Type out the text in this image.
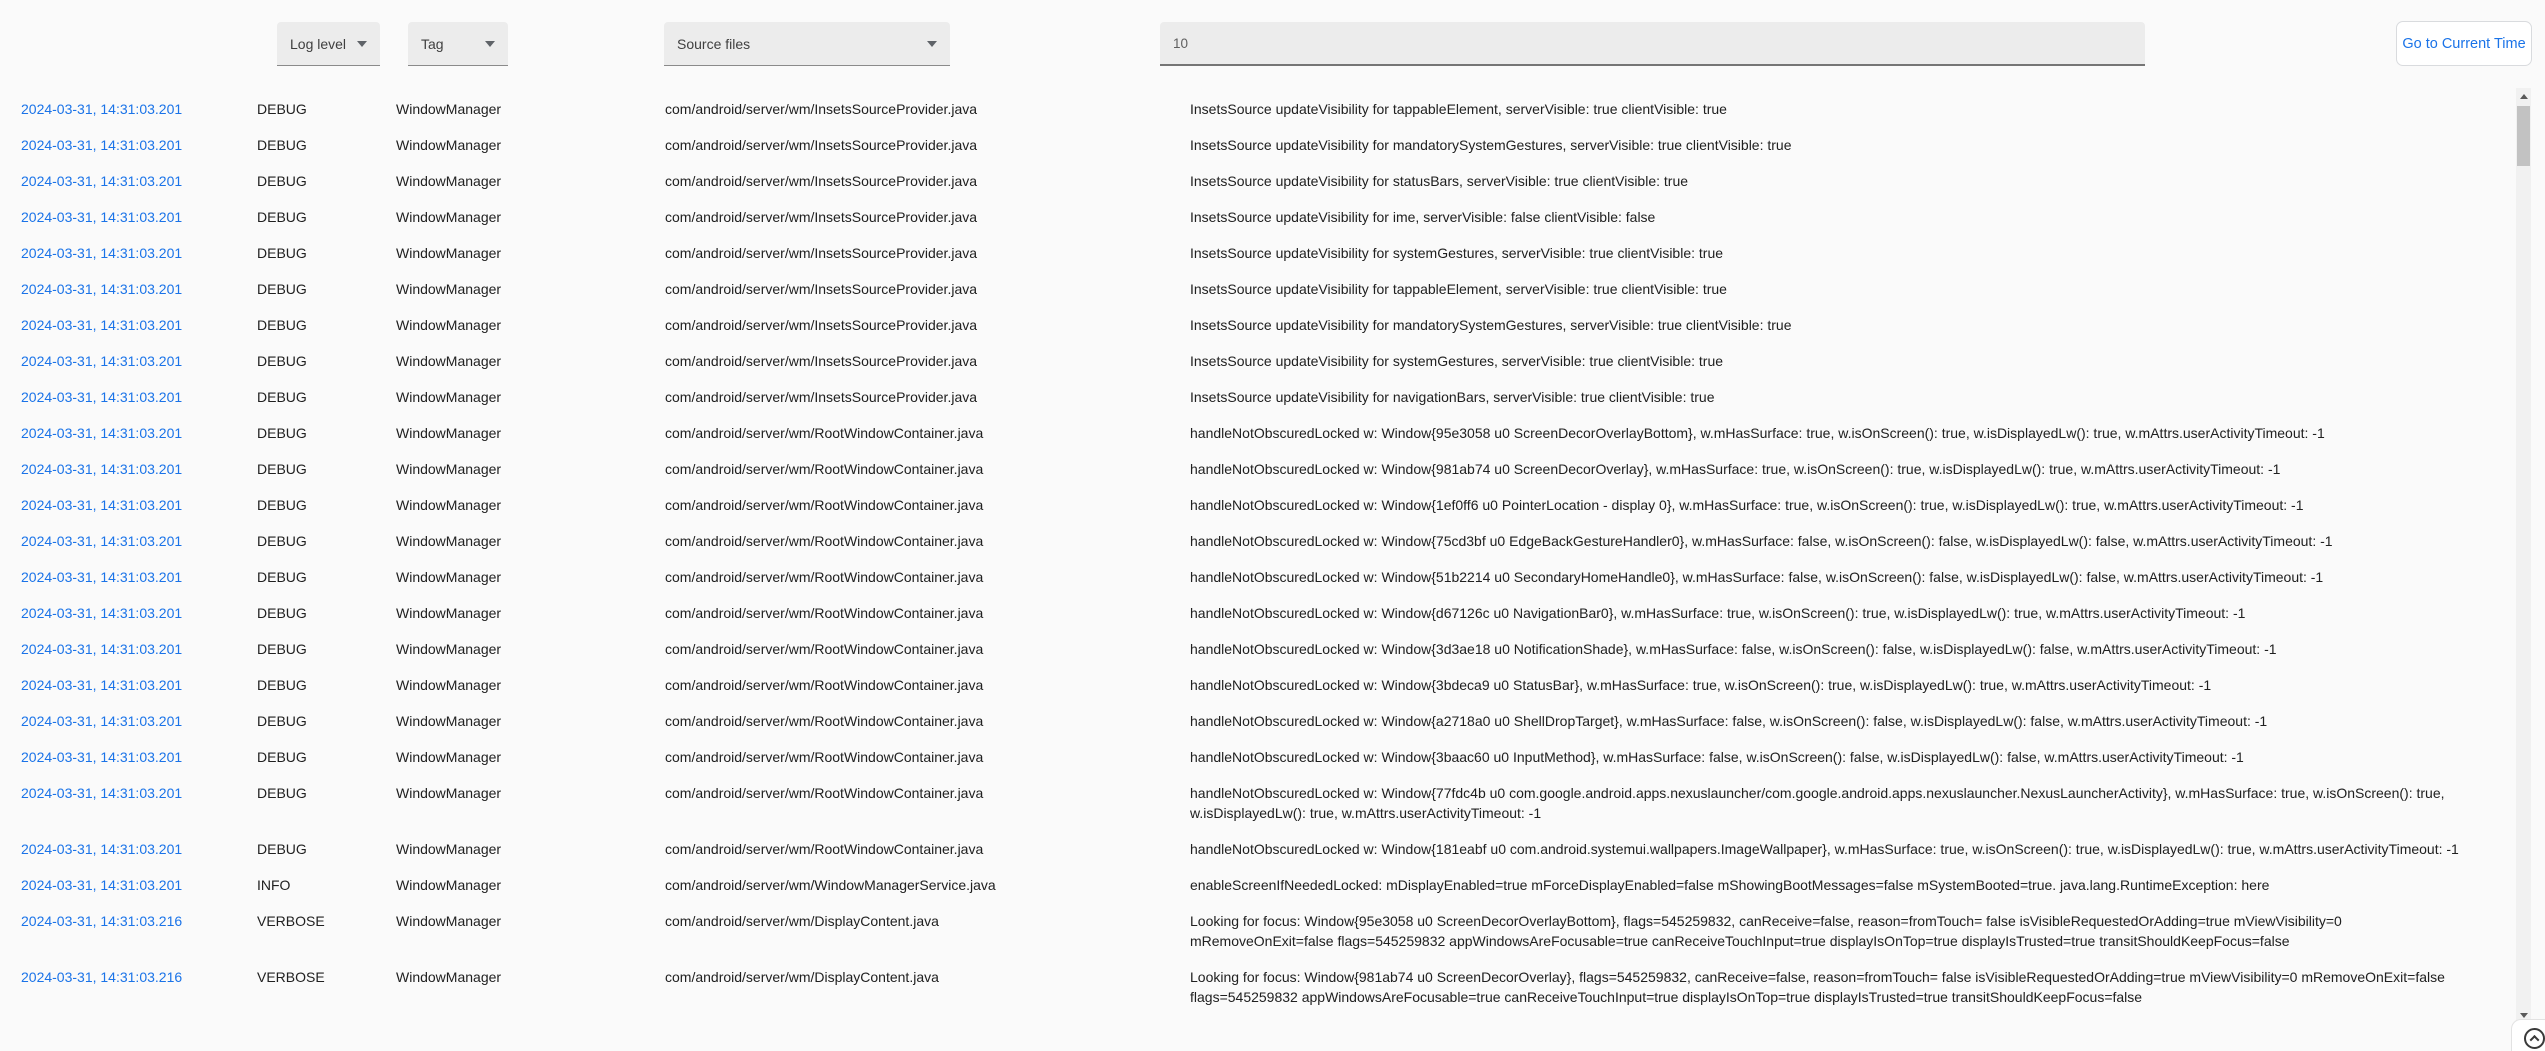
Log level	Tag	Source files
10	Go to Current Time
2024-03-31, 14:31:03.201	DEBUG	WindowManager	com/android/server/wm/InsetsSourceProvider.java	InsetsSource updateVisibility for tappableElement, serverVisible: true clientVisible: true
2024-03-31, 14:31:03.201	DEBUG	WindowManager	com/android/server/wm/InsetsSourceProvider.java	InsetsSource updateVisibility for mandatorySystemGestures, serverVisible: true clientVisible: true
2024-03-31, 14:31:03.201	DEBUG	WindowManager	com/android/server/wm/InsetsSourceProvider.java	InsetsSource updateVisibility for statusBars, serverVisible: true clientVisible: true
2024-03-31, 14:31:03.201	DEBUG	WindowManager	com/android/server/wm/InsetsSourceProvider.java	InsetsSource updateVisibility for ime, serverVisible: false clientVisible: false
2024-03-31, 14:31:03.201	DEBUG	WindowManager	com/android/server/wm/InsetsSourceProvider.java	InsetsSource updateVisibility for systemGestures, serverVisible: true clientVisible: true
2024-03-31, 14:31:03.201	DEBUG	WindowManager	com/android/server/wm/InsetsSourceProvider.java	InsetsSource updateVisibility for tappableElement, serverVisible: true clientVisible: true
2024-03-31, 14:31:03.201	DEBUG	WindowManager	com/android/server/wm/InsetsSourceProvider.java	InsetsSource updateVisibility for mandatorySystemGestures, serverVisible: true clientVisible: true
2024-03-31, 14:31:03.201	DEBUG	WindowManager	com/android/server/wm/InsetsSourceProvider.java	InsetsSource updateVisibility for systemGestures, serverVisible: true clientVisible: true
2024-03-31, 14:31:03.201	DEBUG	WindowManager	com/android/server/wm/InsetsSourceProvider.java	InsetsSource updateVisibility for navigationBars, serverVisible: true clientVisible: true
2024-03-31, 14:31:03.201	DEBUG	WindowManager	com/android/server/wm/RootWindowContainer.java	handleNotObscuredLocked w: Window{95e3058 u0 ScreenDecorOverlayBottom}, w.mHasSurface: true, w.isOnScreen(): true, w.isDisplayedLw(): true, w.mAttrs.userActivityTimeout: -1
2024-03-31, 14:31:03.201	DEBUG	WindowManager	com/android/server/wm/RootWindowContainer.java	handleNotObscuredLocked w: Window{981ab74 u0 ScreenDecorOverlay}, w.mHasSurface: true, w.isOnScreen(): true, w.isDisplayedLw(): true, w.mAttrs.userActivityTimeout: -1
2024-03-31, 14:31:03.201	DEBUG	WindowManager	com/android/server/wm/RootWindowContainer.java	handleNotObscuredLocked w: Window{1ef0ff6 u0 PointerLocation - display 0}, w.mHasSurface: true, w.isOnScreen(): true, w.isDisplayedLw(): true, w.mAttrs.userActivityTimeout: -1
2024-03-31, 14:31:03.201	DEBUG	WindowManager	com/android/server/wm/RootWindowContainer.java	handleNotObscuredLocked w: Window{75cd3bf u0 EdgeBackGestureHandler0}, w.mHasSurface: false, w.isOnScreen(): false, w.isDisplayedLw(): false, w.mAttrs.userActivityTimeout: -1
2024-03-31, 14:31:03.201	DEBUG	WindowManager	com/android/server/wm/RootWindowContainer.java	handleNotObscuredLocked w: Window{51b2214 u0 SecondaryHomeHandle0}, w.mHasSurface: false, w.isOnScreen(): false, w.isDisplayedLw(): false, w.mAttrs.userActivityTimeout: -1
2024-03-31, 14:31:03.201	DEBUG	WindowManager	com/android/server/wm/RootWindowContainer.java	handleNotObscuredLocked w: Window{d67126c u0 NavigationBar0}, w.mHasSurface: true, w.isOnScreen(): true, w.isDisplayedLw(): true, w.mAttrs.userActivityTimeout: -1
2024-03-31, 14:31:03.201	DEBUG	WindowManager	com/android/server/wm/RootWindowContainer.java	handleNotObscuredLocked w: Window{3d3ae18 u0 NotificationShade}, w.mHasSurface: false, w.isOnScreen(): false, w.isDisplayedLw(): false, w.mAttrs.userActivityTimeout: -1
2024-03-31, 14:31:03.201	DEBUG	WindowManager	com/android/server/wm/RootWindowContainer.java	handleNotObscuredLocked w: Window{3bdeca9 u0 StatusBar}, w.mHasSurface: true, w.isOnScreen(): true, w.isDisplayedLw(): true, w.mAttrs.userActivityTimeout: -1
2024-03-31, 14:31:03.201	DEBUG	WindowManager	com/android/server/wm/RootWindowContainer.java	handleNotObscuredLocked w: Window{a2718a0 u0 ShellDropTarget}, w.mHasSurface: false, w.isOnScreen(): false, w.isDisplayedLw(): false, w.mAttrs.userActivityTimeout: -1
2024-03-31, 14:31:03.201	DEBUG	WindowManager	com/android/server/wm/RootWindowContainer.java	handleNotObscuredLocked w: Window{3baac60 u0 InputMethod}, w.mHasSurface: false, w.isOnScreen(): false, w.isDisplayedLw(): false, w.mAttrs.userActivityTimeout: -1
2024-03-31, 14:31:03.201	DEBUG	WindowManager	com/android/server/wm/RootWindowContainer.java	handleNotObscuredLocked w: Window{77fdc4b u0 com.google.android.apps.nexuslauncher/com.google.android.apps.nexuslauncher.NexusLauncherActivity}, w.mHasSurface: true, w.isOnScreen(): true, w.isDisplayedLw(): true, w.mAttrs.userActivityTimeout: -1
2024-03-31, 14:31:03.201	DEBUG	WindowManager	com/android/server/wm/RootWindowContainer.java	handleNotObscuredLocked w: Window{181eabf u0 com.android.systemui.wallpapers.ImageWallpaper}, w.mHasSurface: true, w.isOnScreen(): true, w.isDisplayedLw(): true, w.mAttrs.userActivityTimeout: -1
2024-03-31, 14:31:03.201	INFO	WindowManager	com/android/server/wm/WindowManagerService.java	enableScreenIfNeededLocked: mDisplayEnabled=true mForceDisplayEnabled=false mShowingBootMessages=false mSystemBooted=true. java.lang.RuntimeException: here
2024-03-31, 14:31:03.216	VERBOSE	WindowManager	com/android/server/wm/DisplayContent.java	Looking for focus: Window{95e3058 u0 ScreenDecorOverlayBottom}, flags=545259832, canReceive=false, reason=fromTouch= false isVisibleRequestedOrAdding=true mViewVisibility=0 mRemoveOnExit=false flags=545259832 appWindowsAreFocusable=true canReceiveTouchInput=true displayIsOnTop=true displayIsTrusted=true transitShouldKeepFocus=false
2024-03-31, 14:31:03.216	VERBOSE	WindowManager	com/android/server/wm/DisplayContent.java	Looking for focus: Window{981ab74 u0 ScreenDecorOverlay}, flags=545259832, canReceive=false, reason=fromTouch= false isVisibleRequestedOrAdding=true mViewVisibility=0 mRemoveOnExit=false flags=545259832 appWindowsAreFocusable=true canReceiveTouchInput=true displayIsOnTop=true displayIsTrusted=true transitShouldKeepFocus=false
